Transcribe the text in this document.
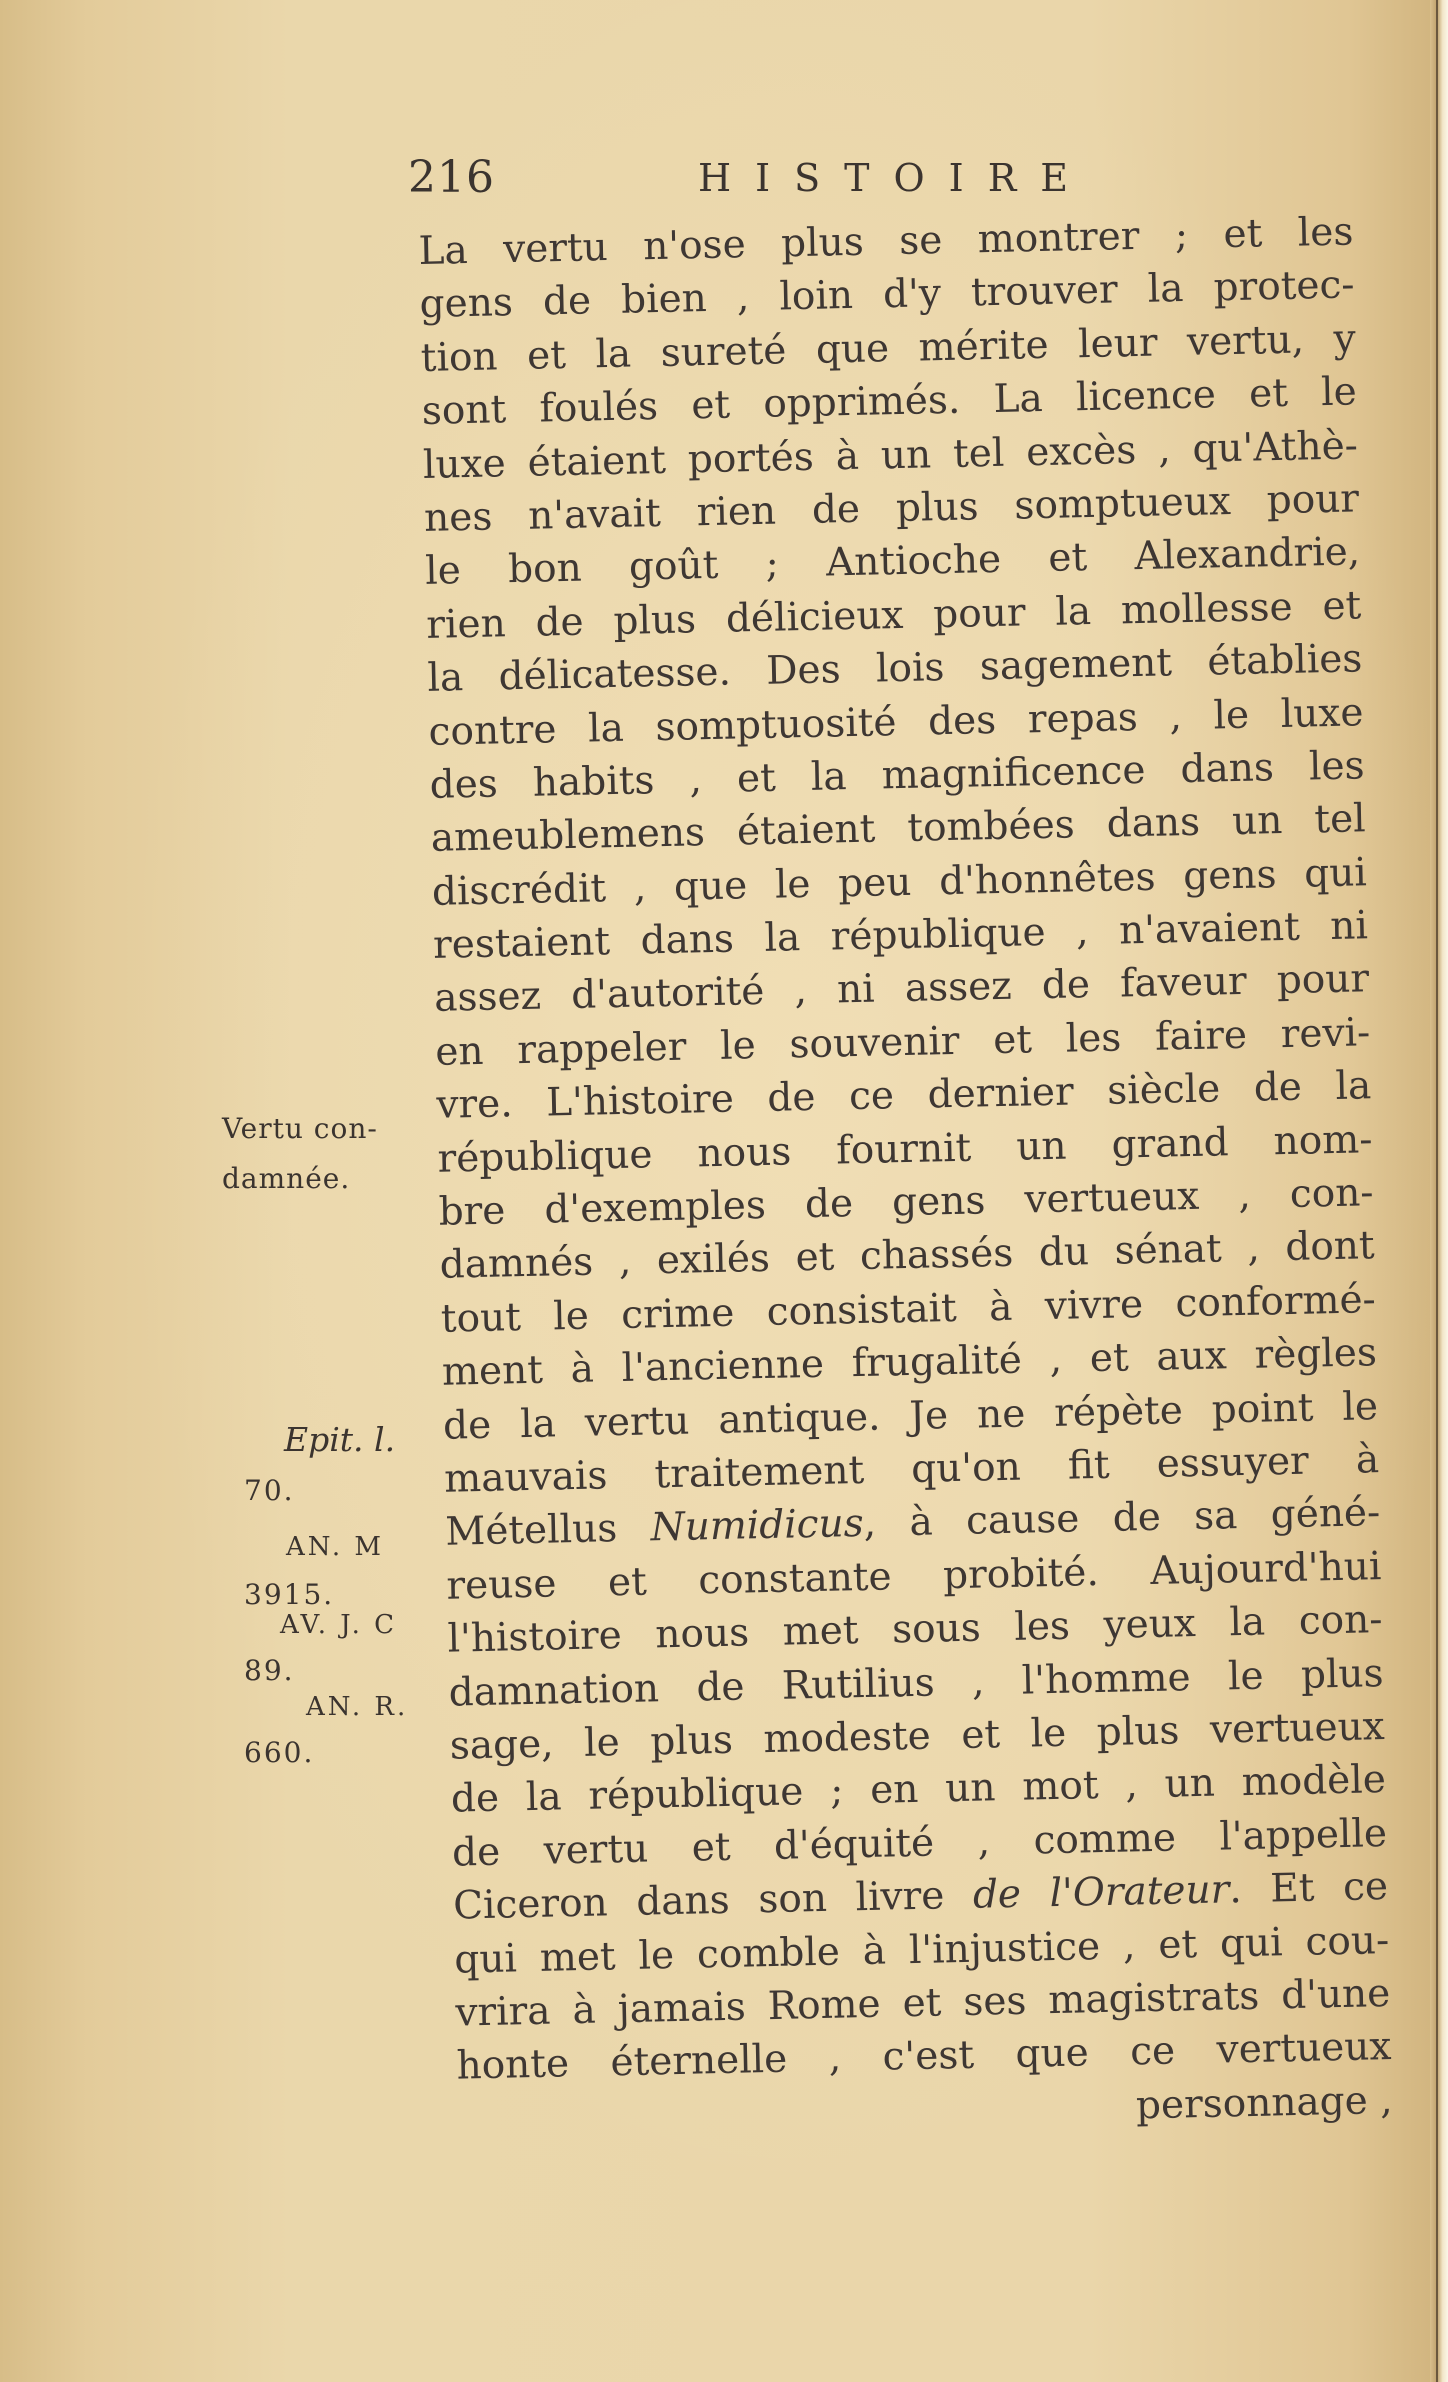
216	HISTOIRE
La vertu n'ose plus se montrer ; et les
gens de bien , loin d'y trouver la protec-
tion et la sureté que mérite leur vertu, y
sont foulés et opprimés. La licence et le
luxe étaient portés à un tel excès , qu'Athè-
nes n'avait rien de plus somptueux pour
le bon goût ; Antioche et Alexandrie,
rien de plus délicieux pour la mollesse et
la délicatesse. Des lois sagement établies
contre la somptuosité des repas , le luxe
des habits , et la magnificence dans les
ameublemens étaient tombées dans un tel
discrédit , que le peu d'honnêtes gens qui
restaient dans la république , n'avaient ni
assez d'autorité , ni assez de faveur pour
en rappeler le souvenir et les faire revi-
vre. L'histoire de ce dernier siècle de la
république nous fournit un grand nom-
bre d'exemples de gens vertueux , con-
damnés , exilés et chassés du sénat , dont
tout le crime consistait à vivre conformé-
ment à l'ancienne frugalité , et aux règles
de la vertu antique. Je ne répète point le
mauvais traitement qu'on fit essuyer à
Métellus Numidicus, à cause de sa géné-
reuse et constante probité. Aujourd'hui
l'histoire nous met sous les yeux la con-
damnation de Rutilius , l'homme le plus
sage, le plus modeste et le plus vertueux
de la république ; en un mot , un modèle
de vertu et d'équité , comme l'appelle
Ciceron dans son livre de l'Orateur. Et ce
qui met le comble à l'injustice , et qui cou-
vrira à jamais Rome et ses magistrats d'une
honte éternelle , c'est que ce vertueux
personnage ,
Vertu con-
damnée.
Epit. l.
70.
AN. M
3915.
AV. J. C
89.
AN. R.
660.
